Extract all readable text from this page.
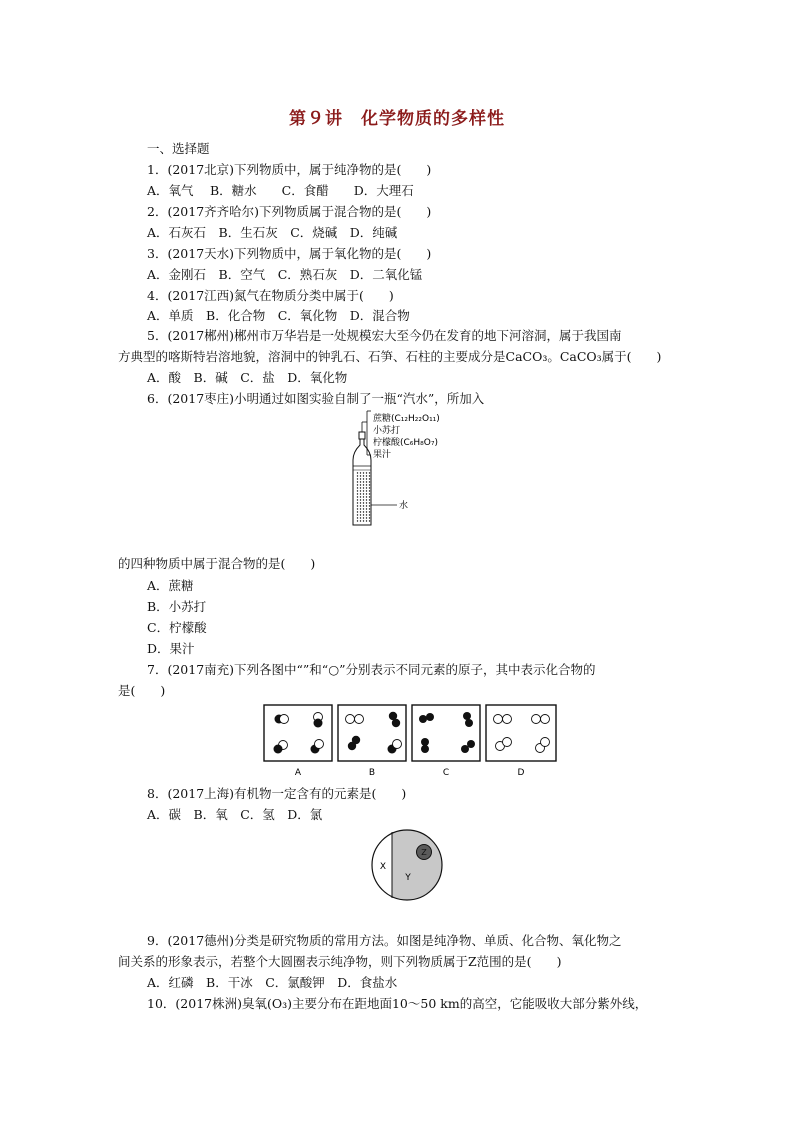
第９讲　化学物质的多样性
一、选择题
1．(2017北京)下列物质中，属于纯净物的是(　　)
A．氧气　 B．糖水　　C．食醋　　D．大理石
2．(2017齐齐哈尔)下列物质属于混合物的是(　　)
A．石灰石　B．生石灰　C．烧碱　D．纯碱
3．(2017天水)下列物质中，属于氧化物的是(　　)
A．金刚石　B．空气　C．熟石灰　D．二氧化锰
4．(2017江西)氮气在物质分类中属于(　　)
A．单质　B．化合物　C．氧化物　D．混合物
5．(2017郴州)郴州市万华岩是一处规模宏大至今仍在发育的地下河溶洞，属于我国南
方典型的喀斯特岩溶地貌，溶洞中的钟乳石、石笋、石柱的主要成分是CaCO₃。CaCO₃属于(　　)
A．酸　B．碱　C．盐　D．氧化物
6．(2017枣庄)小明通过如图实验自制了一瓶“汽水”，所加入
蔗糖(C₁₂H₂₂O₁₁)
小苏打
柠檬酸(C₆H₈O₇)
果汁
水
的四种物质中属于混合物的是(　　)
A．蔗糖
B．小苏打
C．柠檬酸
D．果汁
7．(2017南充)下列各图中“”和“○”分别表示不同元素的原子，其中表示化合物的
是(　　)
A	B	C	D
8．(2017上海)有机物一定含有的元素是(　　)
A．碳　B．氧　C．氢　D．氯
X
Y
Z
9．(2017德州)分类是研究物质的常用方法。如图是纯净物、单质、化合物、氧化物之
间关系的形象表示，若整个大圆圈表示纯净物，则下列物质属于Z范围的是(　　)
A．红磷　B．干冰　C．氯酸钾　D．食盐水
10．(2017株洲)臭氧(O₃)主要分布在距地面10～50 km的高空，它能吸收大部分紫外线，
